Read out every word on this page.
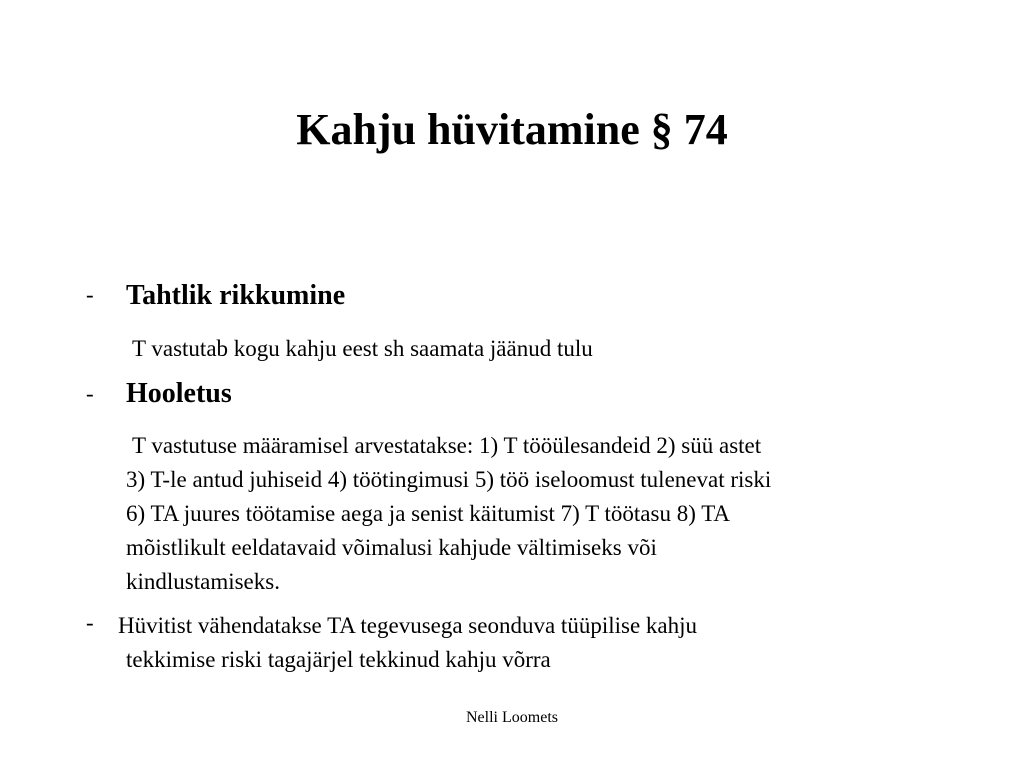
Kahju hüvitamine § 74
- Tahtlik rikkumine
T vastutab kogu kahju eest sh saamata jäänud tulu
- Hooletus
T vastutuse määramisel arvestatakse: 1) T tööülesandeid 2) süü astet
3) T-le antud juhiseid 4) töötingimusi 5) töö iseloomust tulenevat riski
6) TA juures töötamise aega ja senist käitumist 7) T töötasu 8) TA
mõistlikult eeldatavaid võimalusi kahjude vältimiseks või
kindlustamiseks.
- Hüvitist vähendatakse TA tegevusega seonduva tüüpilise kahju
tekkimise riski tagajärjel tekkinud kahju võrra
Nelli Loomets
